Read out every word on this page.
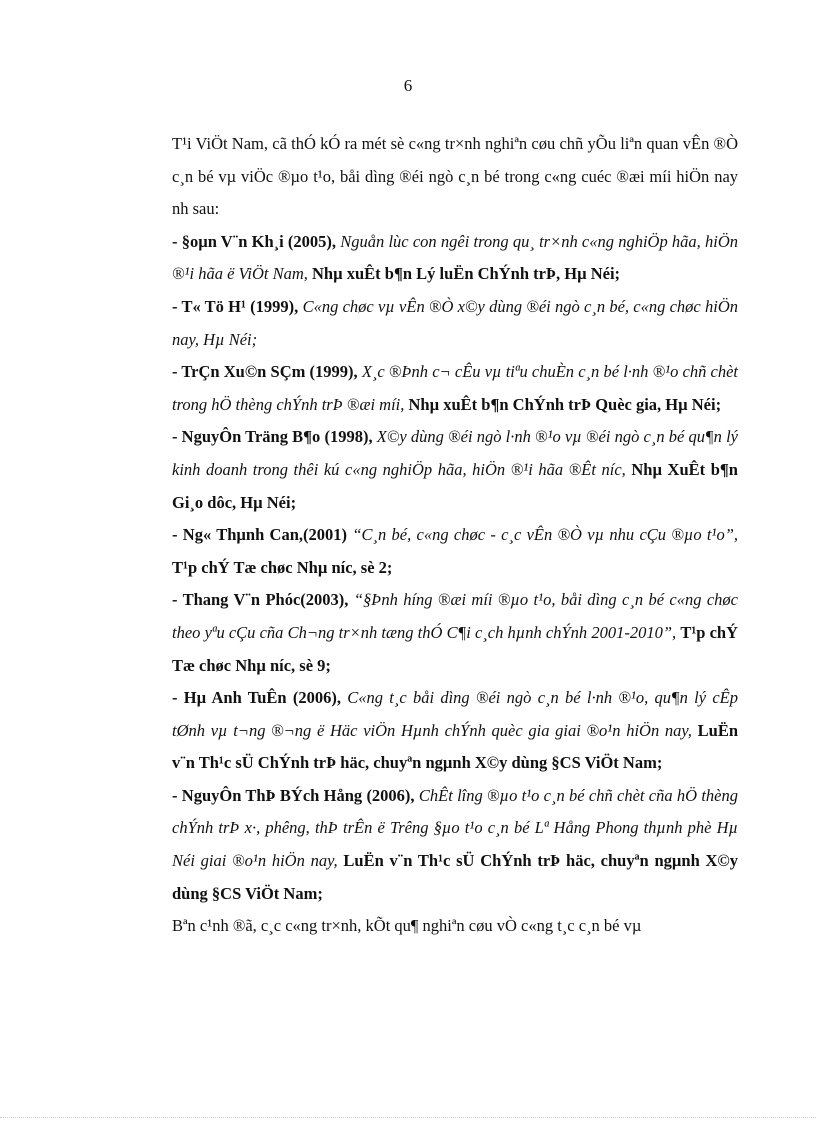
6

T¹i ViÖt Nam, cã thÓ kÓ ra mét sè c«ng tr×nh nghiªn cøu chñ yÕu liªn quan vÊn ®Ò c¸n bé vµ viÖc ®µo t¹o, båi dìng ®éi ngò c¸n bé trong c«ng cuéc ®æi míi hiÖn nay nh sau:

- §oµn V¨n Kh¸i (2005), Nguån lùc con ngêi trong qu¸ tr×nh c«ng nghiÖp hãa, hiÖn ®¹i hãa ë ViÖt Nam, Nhµ xuÊt b¶n Lý luËn ChÝnh trÞ, Hµ Néi;

- T« Tö H¹ (1999), C«ng chøc vµ vÊn ®Ò x©y dùng ®éi ngò c¸n bé, c«ng chøc hiÖn nay, Hµ Néi;

- TrÇn Xu©n SÇm (1999), X¸c ®Þnh c¬ cÊu vµ tiªu chuÈn c¸n bé l·nh ®¹o chñ chèt trong hÖ thèng chÝnh trÞ ®æi míi, Nhµ xuÊt b¶n ChÝnh trÞ Quèc gia, Hµ Néi;

- NguyÔn Träng B¶o (1998), X©y dùng ®éi ngò l·nh ®¹o vµ ®éi ngò c¸n bé qu¶n lý kinh doanh trong thêi kú c«ng nghiÖp hãa, hiÖn ®¹i hãa ®Êt níc, Nhµ XuÊt b¶n Gi¸o dôc, Hµ Néi;

- Ng« Thµnh Can,(2001) “C¸n bé, c«ng chøc - c¸c vÊn ®Ò vµ nhu cÇu ®µo t¹o”, T¹p chÝ Tæ chøc Nhµ níc, sè 2;

- Thang V¨n Phóc(2003), “§Þnh híng ®æi míi ®µo t¹o, båi dìng c¸n bé c«ng chøc theo yªu cÇu cña Ch¬ng tr×nh tæng thÓ C¶i c¸ch hµnh chÝnh 2001-2010”, T¹p chÝ Tæ chøc Nhµ níc, sè 9;

- Hµ Anh TuÊn (2006), C«ng t¸c båi dìng ®éi ngò c¸n bé l·nh ®¹o, qu¶n lý cÊp tØnh vµ t¬ng ®¬ng ë Häc viÖn Hµnh chÝnh quèc gia giai ®o¹n hiÖn nay, LuËn v¨n Th¹c sÜ ChÝnh trÞ häc, chuyªn ngµnh X©y dùng §CS ViÖt Nam;

- NguyÔn ThÞ BÝch Hång (2006), ChÊt lîng ®µo t¹o c¸n bé chñ chèt cña hÖ thèng chÝnh trÞ x·, phêng, thÞ trÊn ë Trêng §µo t¹o c¸n bé Lª Hång Phong thµnh phè Hµ Néi giai ®o¹n hiÖn nay, LuËn v¨n Th¹c sÜ ChÝnh trÞ häc, chuyªn ngµnh X©y dùng §CS ViÖt Nam;

Bªn c¹nh ®ã, c¸c c«ng tr×nh, kÕt qu¶ nghiªn cøu vÒ c«ng t¸c c¸n bé vµ
